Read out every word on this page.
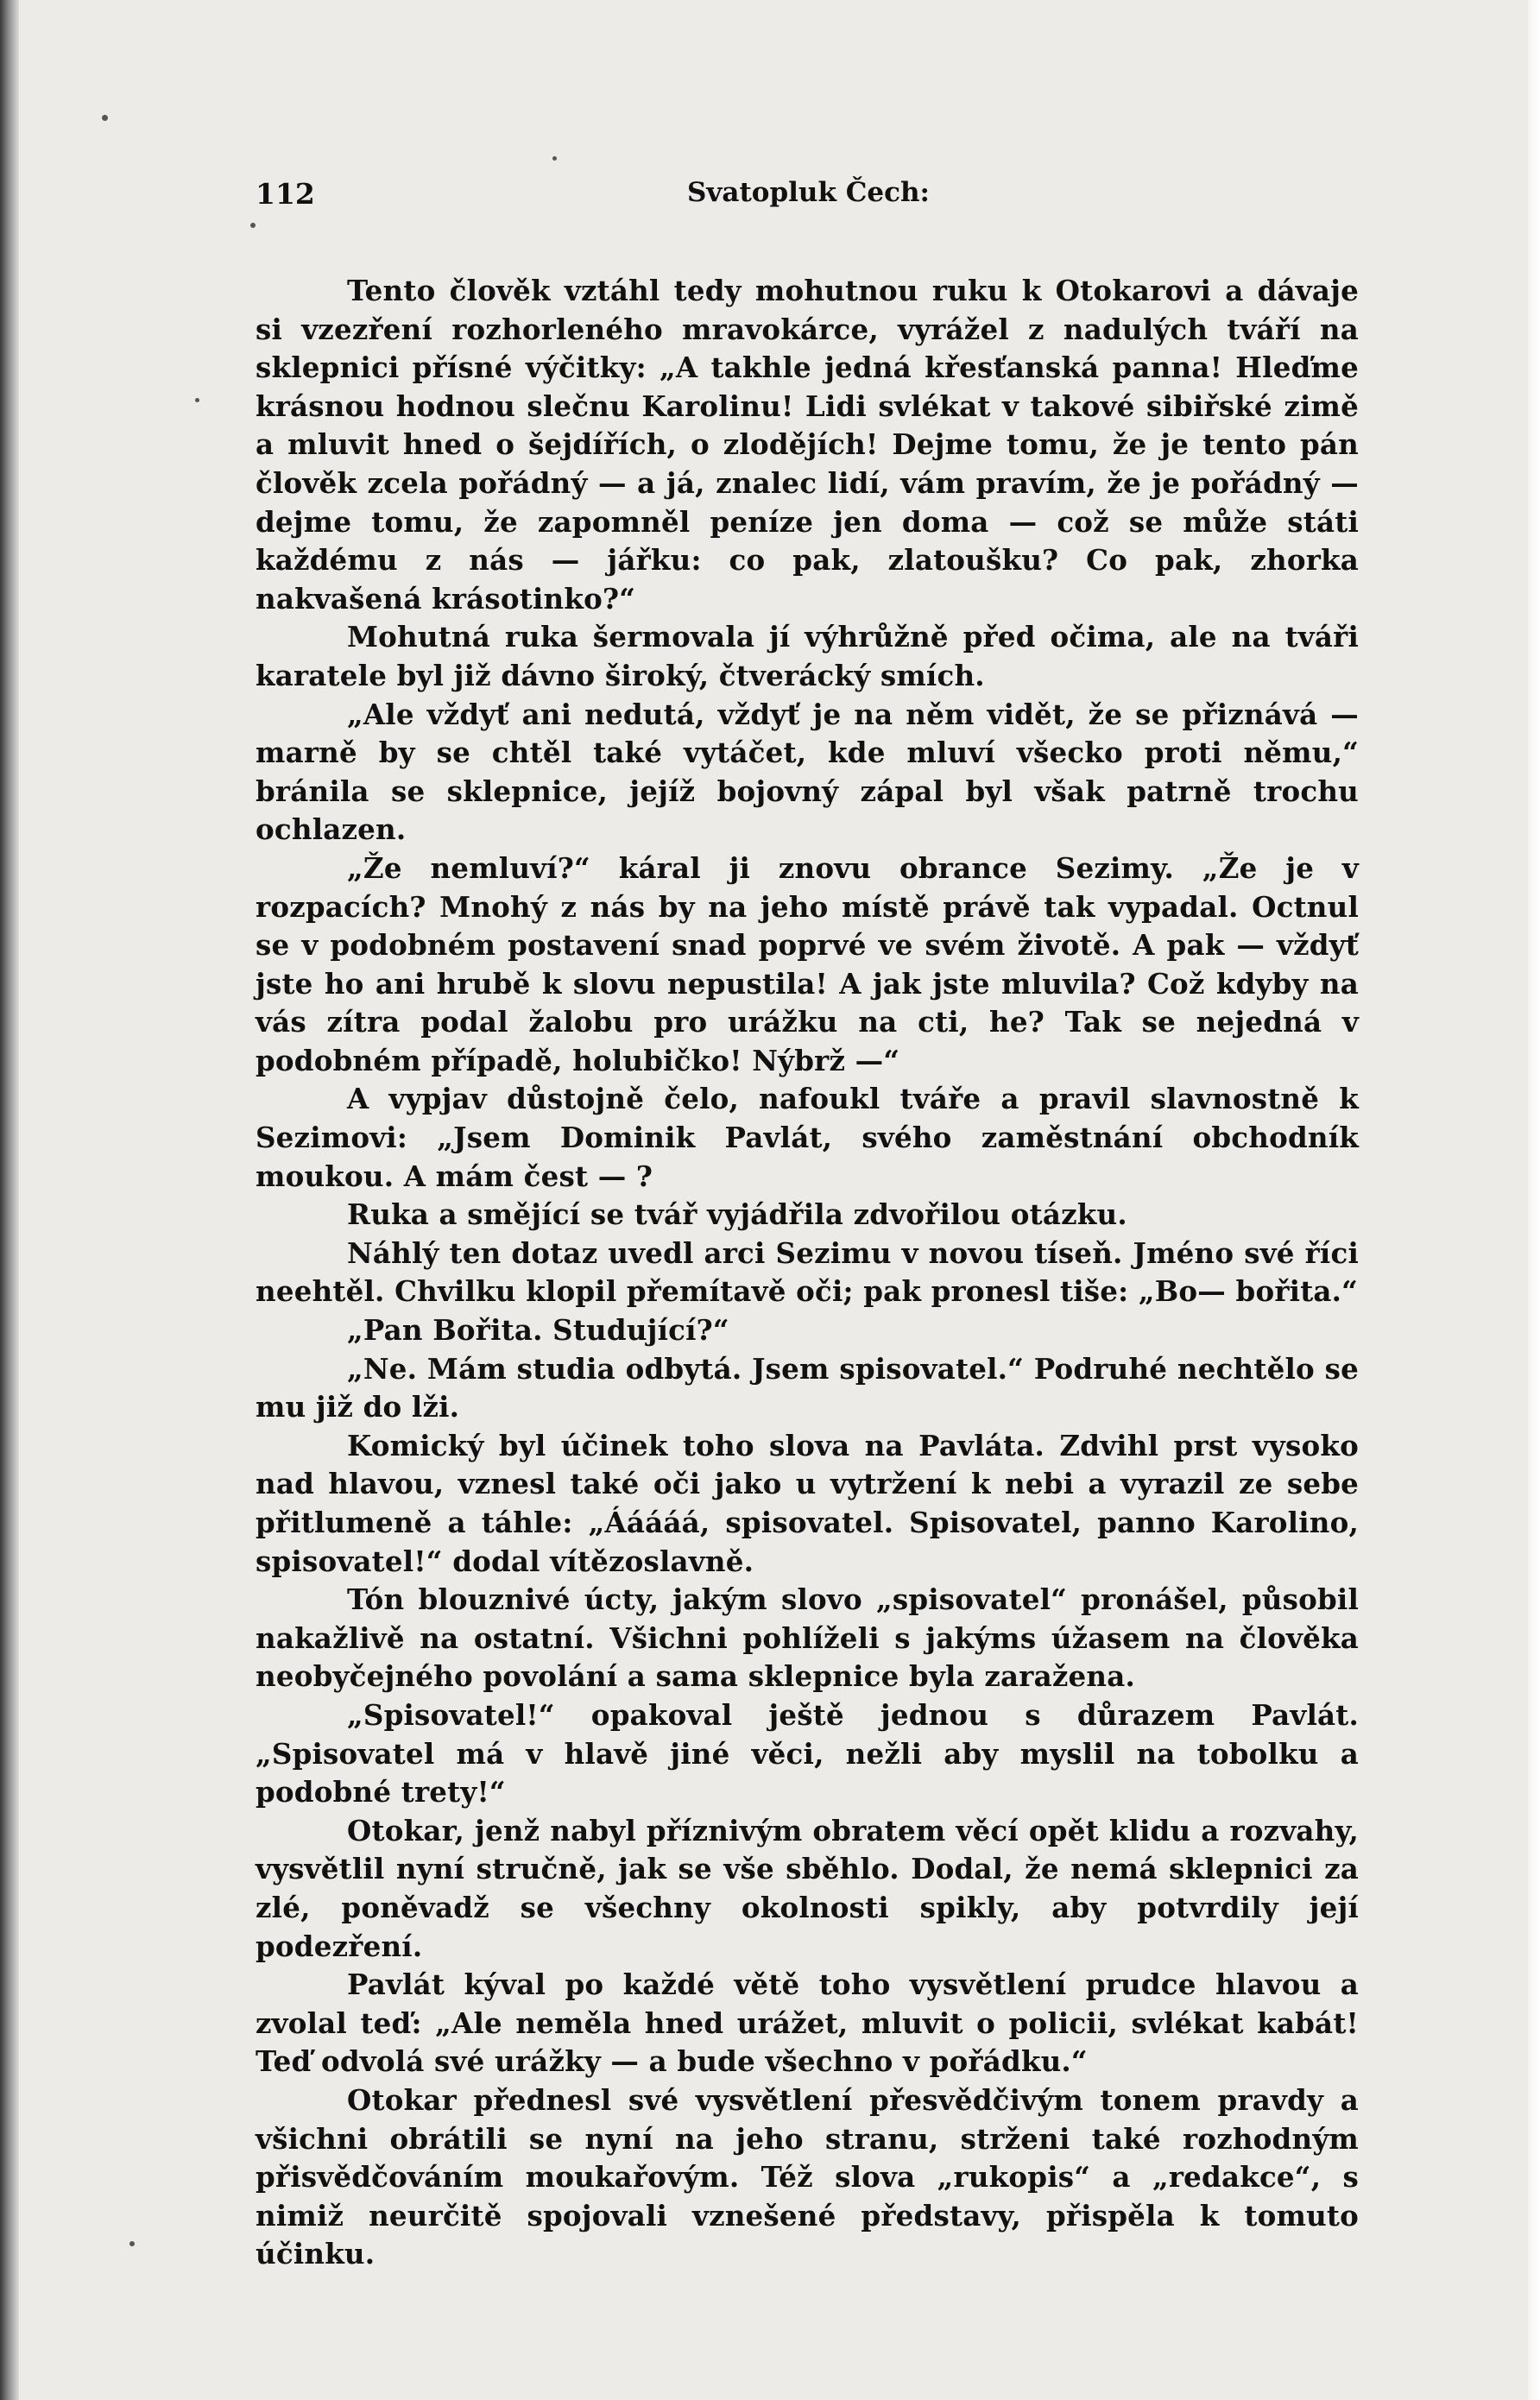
112	Svatopluk Čech:

Tento člověk vztáhl tedy mohutnou ruku k Otokarovi a dávaje si vzezření rozhorleného mravokárce, vyrážel z nadulých tváří na sklepnici přísné výčitky: „A takhle jedná křesťanská panna! Hleďme krásnou hodnou slečnu Karolinu! Lidi svlékat v takové sibiřské zimě a mluvit hned o šejdířích, o zlodějích! Dejme tomu, že je tento pán člověk zcela pořádný — a já, znalec lidí, vám pravím, že je pořádný — dejme tomu, že zapomněl peníze jen doma — což se může státi každému z nás — jářku: co pak, zlatoušku? Co pak, zhorka nakvašená krásotinko?“

Mohutná ruka šermovala jí výhrůžně před očima, ale na tváři karatele byl již dávno široký, čtverácký smích.

„Ale vždyť ani nedutá, vždyť je na něm vidět, že se přiznává — marně by se chtěl také vytáčet, kde mluví všecko proti němu,“ bránila se sklepnice, jejíž bojovný zápal byl však patrně trochu ochlazen.

„Že nemluví?“ káral ji znovu obrance Sezimy. „Že je v rozpacích? Mnohý z nás by na jeho místě právě tak vypadal. Octnul se v podobném postavení snad poprvé ve svém životě. A pak — vždyť jste ho ani hrubě k slovu nepustila! A jak jste mluvila? Což kdyby na vás zítra podal žalobu pro urážku na cti, he? Tak se nejedná v podobném případě, holubičko! Nýbrž —“

A vypjav důstojně čelo, nafoukl tváře a pravil slavnostně k Sezimovi: „Jsem Dominik Pavlát, svého zaměstnání obchodník moukou. A mám čest — ?

Ruka a smějící se tvář vyjádřila zdvořilou otázku.

Náhlý ten dotaz uvedl arci Sezimu v novou tíseň. Jméno své říci neehtěl. Chvilku klopil přemítavě oči; pak pronesl tiše: „Bo— bořita.“

„Pan Bořita. Studující?“

„Ne. Mám studia odbytá. Jsem spisovatel.“ Podruhé nechtělo se mu již do lži.

Komický byl účinek toho slova na Pavláta. Zdvihl prst vysoko nad hlavou, vznesl také oči jako u vytržení k nebi a vyrazil ze sebe přitlumeně a táhle: „Ááááá, spisovatel. Spisovatel, panno Karolino, spisovatel!“ dodal vítězoslavně.

Tón blouznivé úcty, jakým slovo „spisovatel“ pronášel, působil nakažlivě na ostatní. Všichni pohlíželi s jakýms úžasem na člověka neobyčejného povolání a sama sklepnice byla zaražena.

„Spisovatel!“ opakoval ještě jednou s důrazem Pavlát. „Spisovatel má v hlavě jiné věci, nežli aby myslil na tobolku a podobné trety!“

Otokar, jenž nabyl příznivým obratem věcí opět klidu a rozvahy, vysvětlil nyní stručně, jak se vše sběhlo. Dodal, že nemá sklepnici za zlé, poněvadž se všechny okolnosti spikly, aby potvrdily její podezření.

Pavlát kýval po každé větě toho vysvětlení prudce hlavou a zvolal teď: „Ale neměla hned urážet, mluvit o policii, svlékat kabát! Teď odvolá své urážky — a bude všechno v pořádku.“

Otokar přednesl své vysvětlení přesvědčivým tonem pravdy a všichni obrátili se nyní na jeho stranu, strženi také rozhodným přisvědčováním moukařovým. Též slova „rukopis“ a „redakce“, s nimiž neurčitě spojovali vznešené představy, přispěla k tomuto účinku.
